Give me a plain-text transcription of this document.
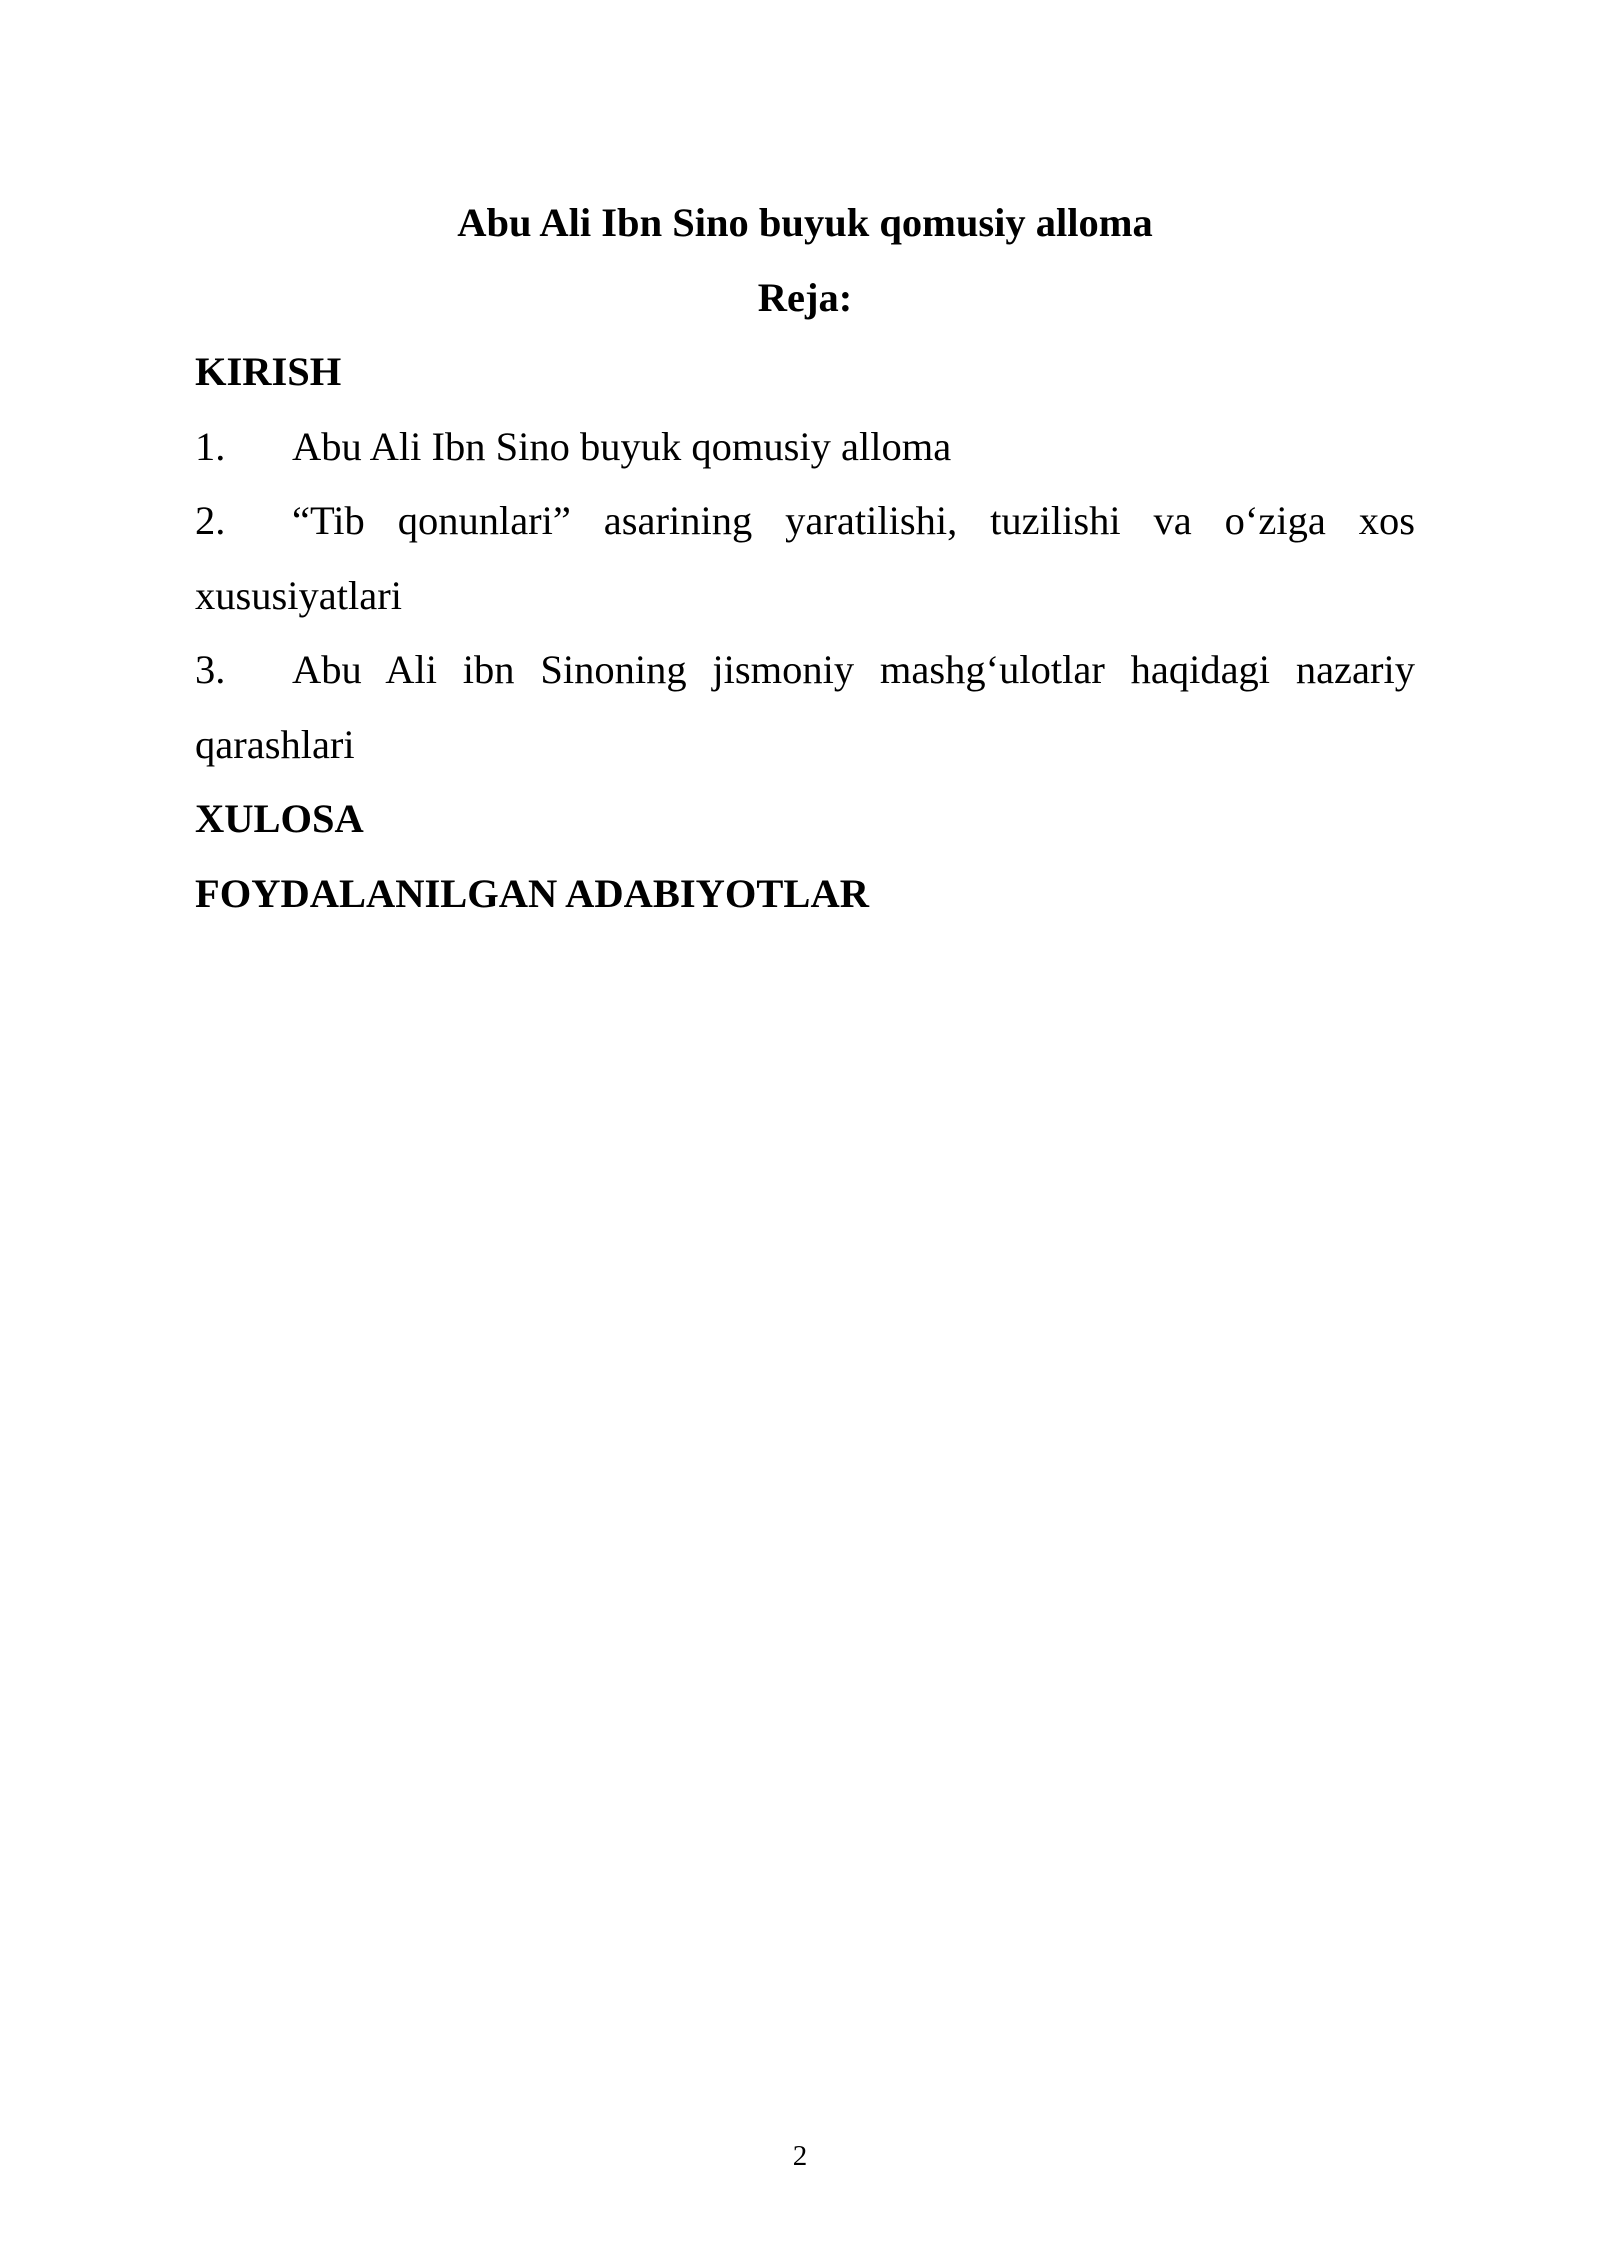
Abu Ali Ibn Sino buyuk qomusiy alloma

Reja:

KIRISH

1. Abu Ali Ibn Sino buyuk qomusiy alloma

2. “Tib qonunlari” asarining yaratilishi, tuzilishi va o‘ziga xos

xususiyatlari

3. Abu Ali ibn Sinoning jismoniy mashg‘ulotlar haqidagi nazariy

qarashlari

XULOSA

FOYDALANILGAN ADABIYOTLAR

2
